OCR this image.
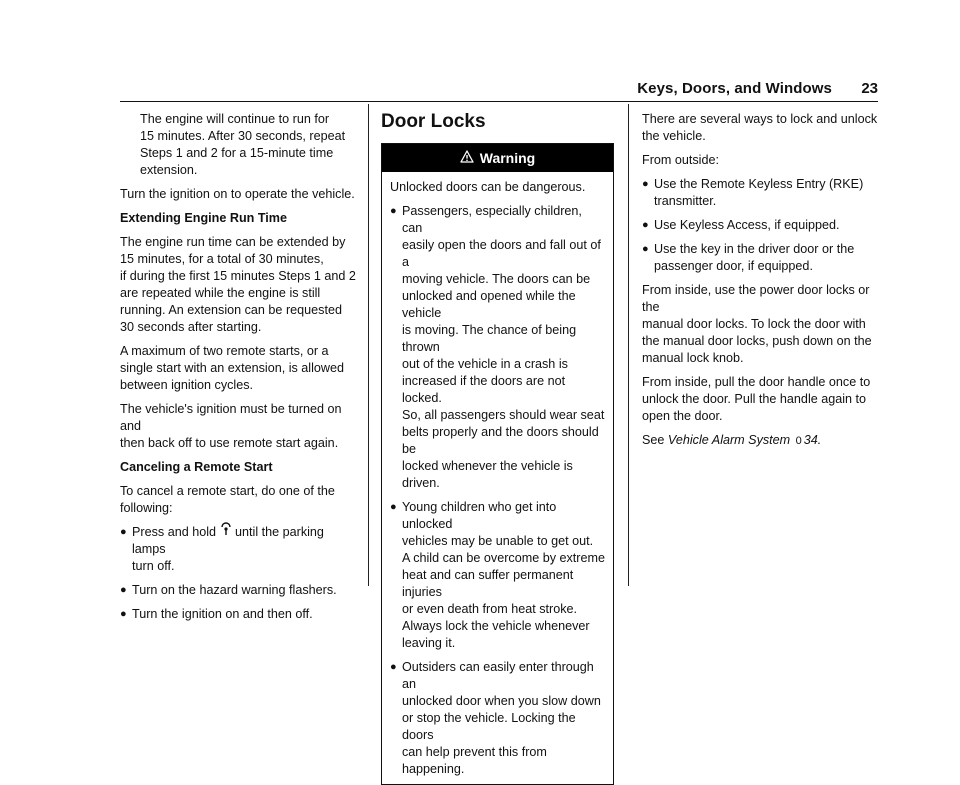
Keys, Doors, and Windows	23

The engine will continue to run for
15 minutes. After 30 seconds, repeat
Steps 1 and 2 for a 15-minute time
extension.

Turn the ignition on to operate the vehicle.

Extending Engine Run Time

The engine run time can be extended by
15 minutes, for a total of 30 minutes,
if during the first 15 minutes Steps 1 and 2
are repeated while the engine is still
running. An extension can be requested
30 seconds after starting.

A maximum of two remote starts, or a
single start with an extension, is allowed
between ignition cycles.

The vehicle's ignition must be turned on and
then back off to use remote start again.

Canceling a Remote Start

To cancel a remote start, do one of the
following:

● Press and hold until the parking lamps
turn off.
● Turn on the hazard warning flashers.
● Turn the ignition on and then off.
Door Locks
Warning

Unlocked doors can be dangerous.

● Passengers, especially children, can
easily open the doors and fall out of a
moving vehicle. The doors can be
unlocked and opened while the vehicle
is moving. The chance of being thrown
out of the vehicle in a crash is
increased if the doors are not locked.
So, all passengers should wear seat
belts properly and the doors should be
locked whenever the vehicle is driven.
● Young children who get into unlocked
vehicles may be unable to get out.
A child can be overcome by extreme
heat and can suffer permanent injuries
or even death from heat stroke.
Always lock the vehicle whenever
leaving it.
● Outsiders can easily enter through an
unlocked door when you slow down
or stop the vehicle. Locking the doors
can help prevent this from happening.

There are several ways to lock and unlock
the vehicle.

From outside:

● Use the Remote Keyless Entry (RKE)
transmitter.
● Use Keyless Access, if equipped.
● Use the key in the driver door or the
passenger door, if equipped.

From inside, use the power door locks or the
manual door locks. To lock the door with
the manual door locks, push down on the
manual lock knob.

From inside, pull the door handle once to
unlock the door. Pull the handle again to
open the door.

See Vehicle Alarm System 0 34.
